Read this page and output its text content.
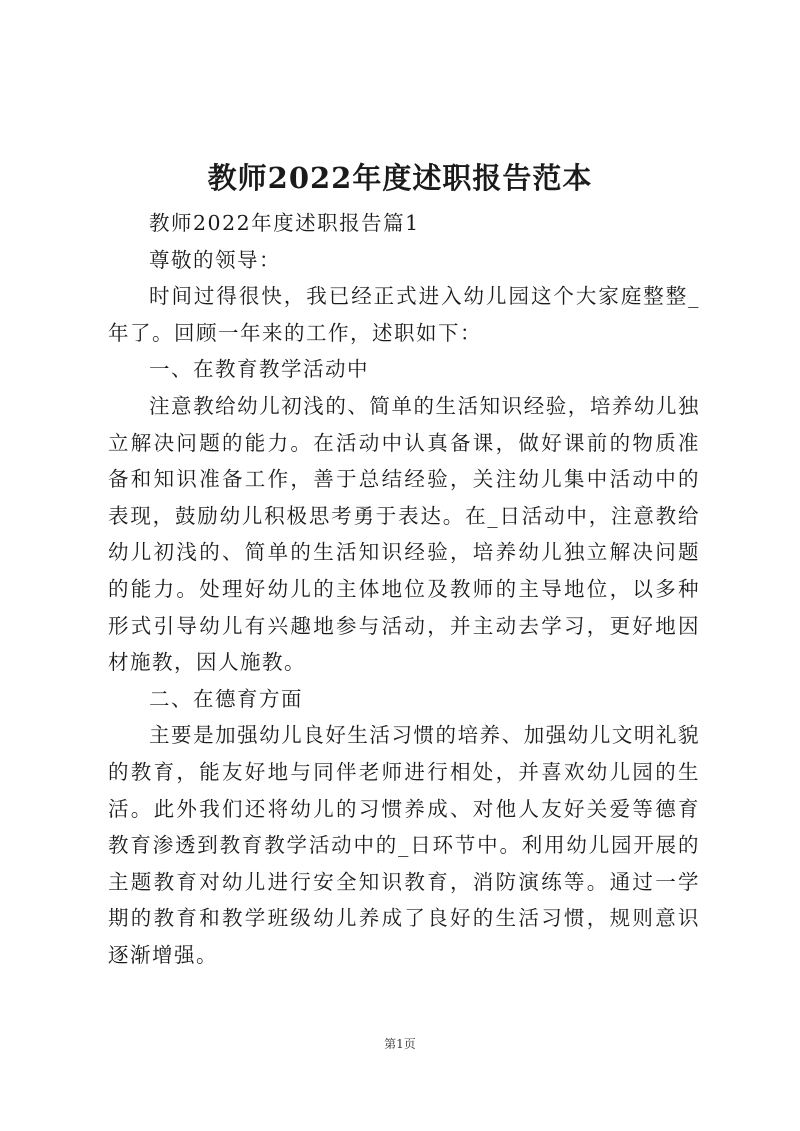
教师2022年度述职报告范本

教师2022年度述职报告篇1

尊敬的领导：

时间过得很快，我已经正式进入幼儿园这个大家庭整整_年了。回顾一年来的工作，述职如下：

一、在教育教学活动中

注意教给幼儿初浅的、简单的生活知识经验，培养幼儿独立解决问题的能力。在活动中认真备课，做好课前的物质准备和知识准备工作，善于总结经验，关注幼儿集中活动中的表现，鼓励幼儿积极思考勇于表达。在_日活动中，注意教给幼儿初浅的、简单的生活知识经验，培养幼儿独立解决问题的能力。处理好幼儿的主体地位及教师的主导地位，以多种形式引导幼儿有兴趣地参与活动，并主动去学习，更好地因材施教，因人施教。

二、在德育方面

主要是加强幼儿良好生活习惯的培养、加强幼儿文明礼貌的教育，能友好地与同伴老师进行相处，并喜欢幼儿园的生活。此外我们还将幼儿的习惯养成、对他人友好关爱等德育教育渗透到教育教学活动中的_日环节中。利用幼儿园开展的主题教育对幼儿进行安全知识教育，消防演练等。通过一学期的教育和教学班级幼儿养成了良好的生活习惯，规则意识逐渐增强。

第1页
